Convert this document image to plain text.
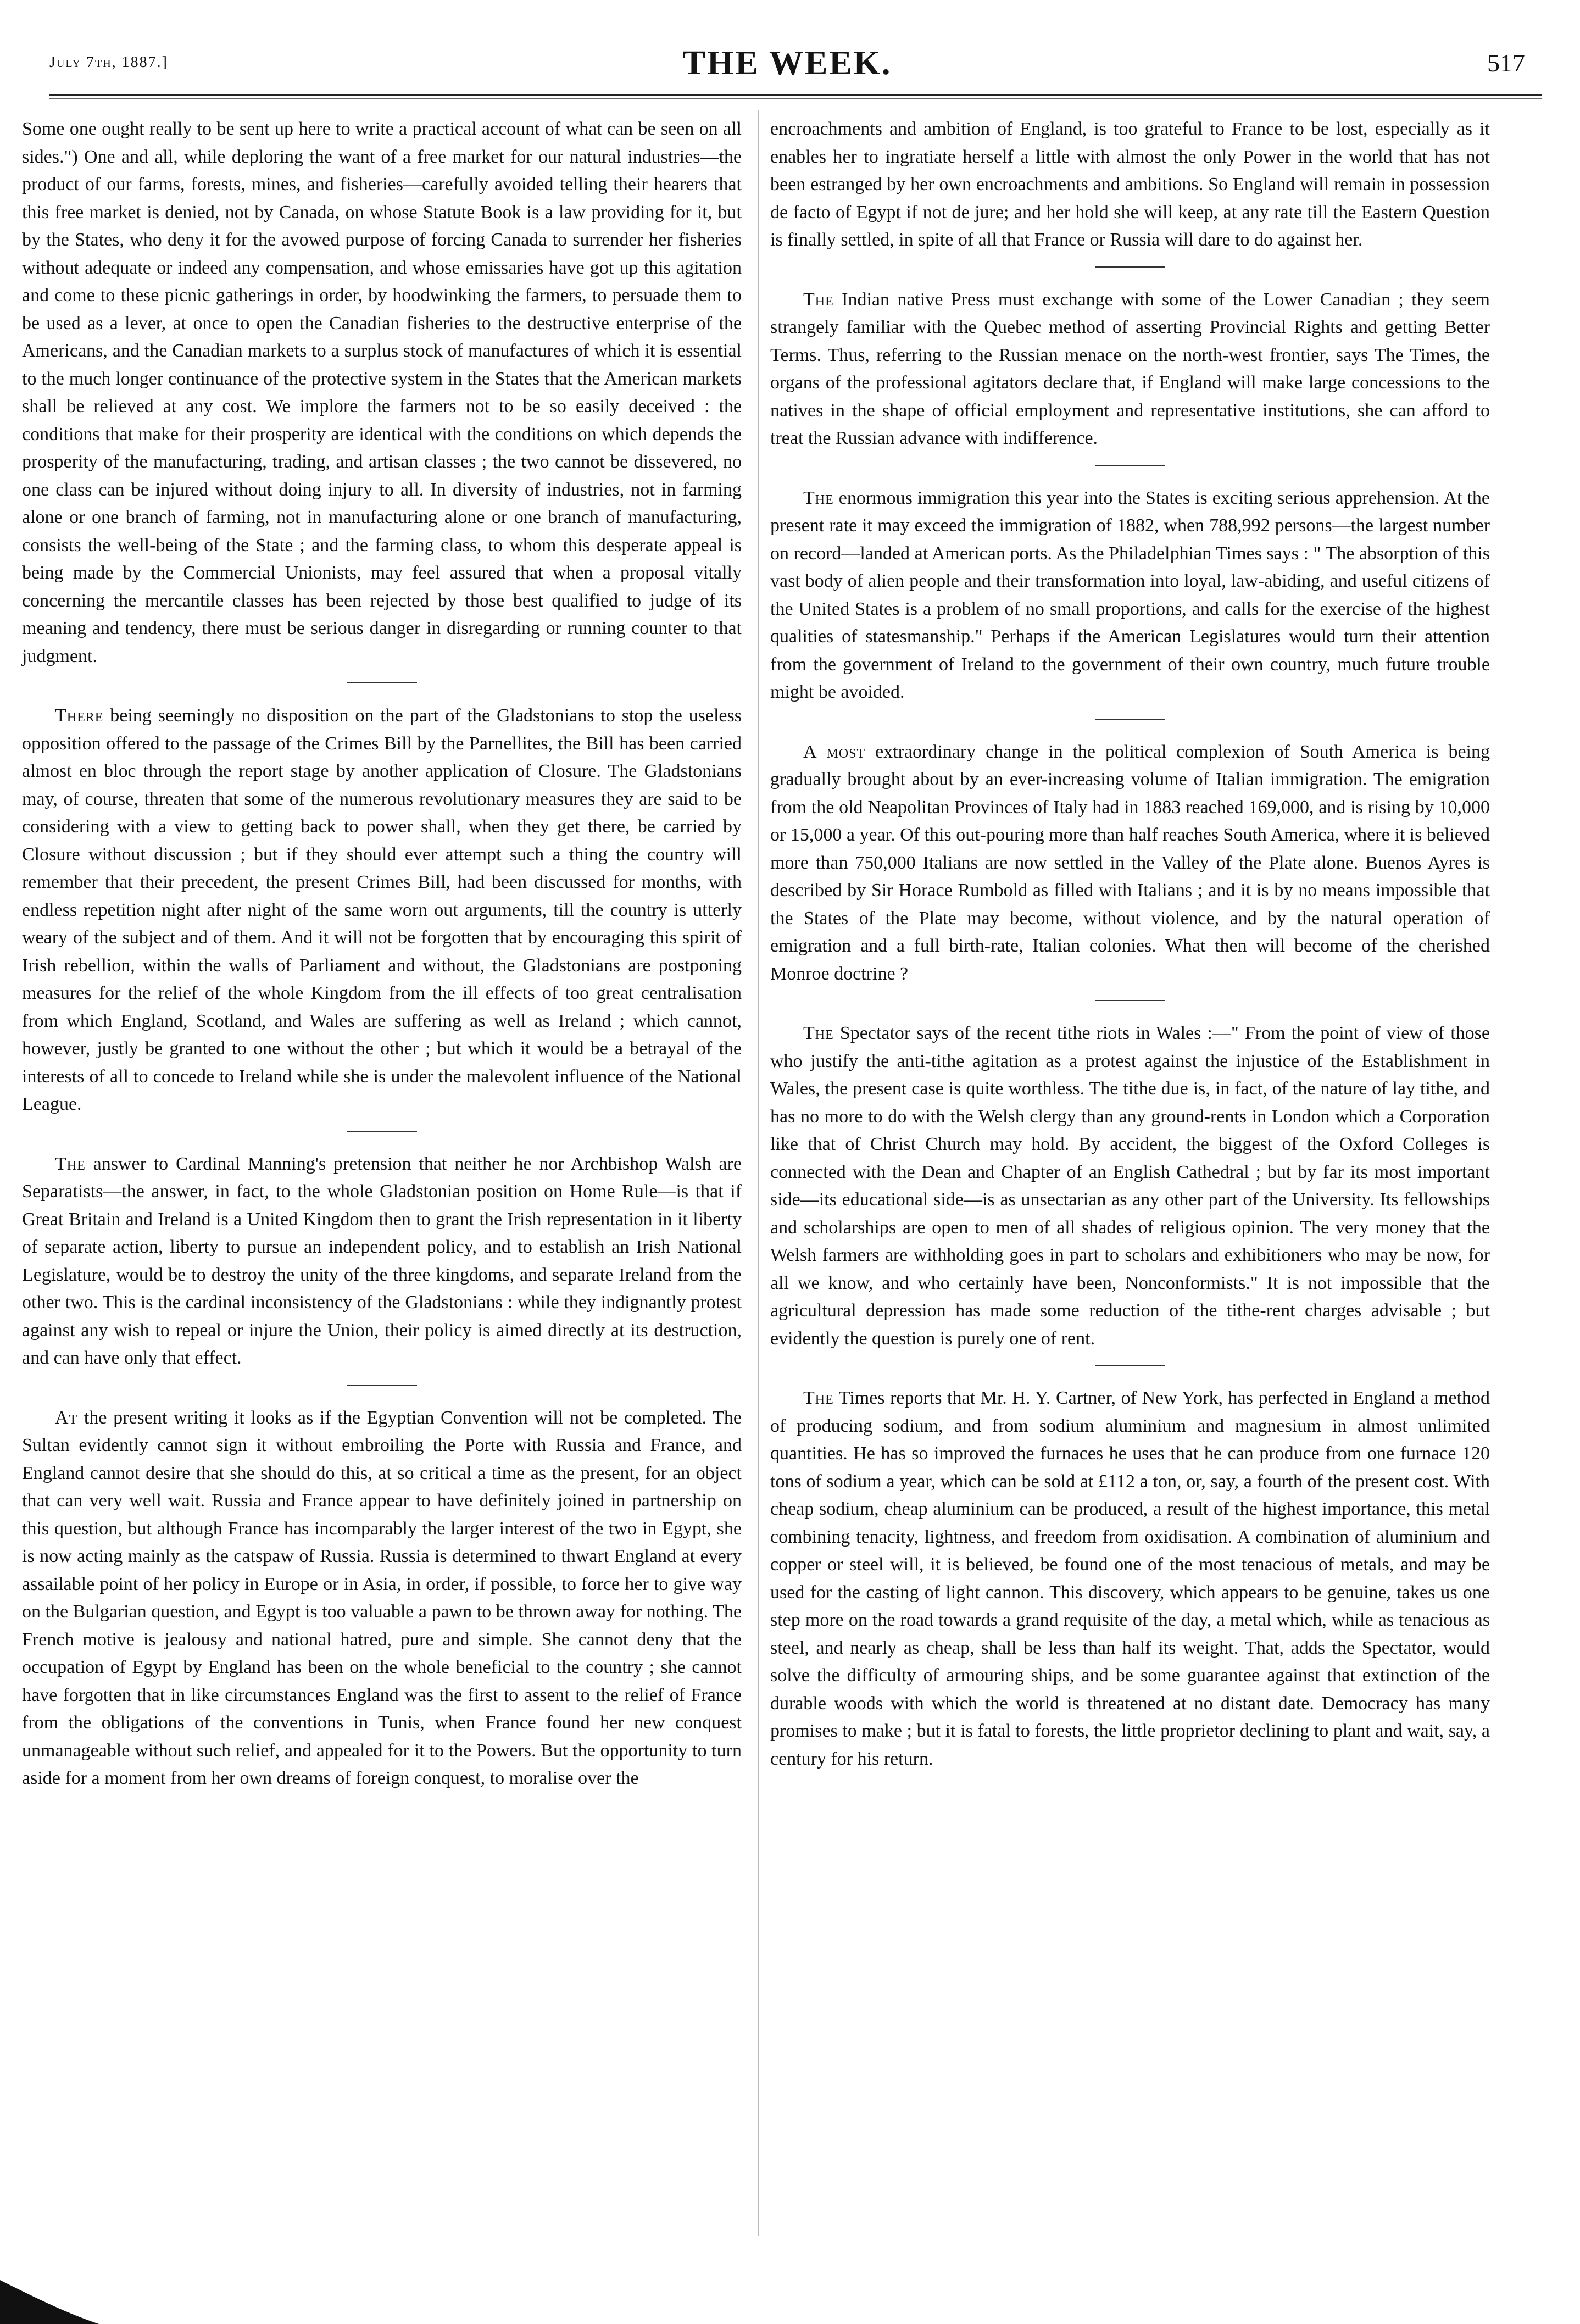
July 7th, 1887.]	THE WEEK.	517

Some one ought really to be sent up here to write a practical account of what can be seen on all sides.") One and all, while deploring the want of a free market for our natural industries—the product of our farms, forests, mines, and fisheries—carefully avoided telling their hearers that this free market is denied, not by Canada, on whose Statute Book is a law providing for it, but by the States, who deny it for the avowed purpose of forcing Canada to surrender her fisheries without adequate or indeed any compensation, and whose emissaries have got up this agitation and come to these picnic gatherings in order, by hoodwinking the farmers, to persuade them to be used as a lever, at once to open the Canadian fisheries to the destructive enterprise of the Americans, and the Canadian markets to a surplus stock of manufactures of which it is essential to the much longer continuance of the protective system in the States that the American markets shall be relieved at any cost. We implore the farmers not to be so easily deceived : the conditions that make for their prosperity are identical with the conditions on which depends the prosperity of the manufacturing, trading, and artisan classes ; the two cannot be dissevered, no one class can be injured without doing injury to all. In diversity of industries, not in farming alone or one branch of farming, not in manufacturing alone or one branch of manufacturing, consists the well-being of the State ; and the farming class, to whom this desperate appeal is being made by the Commercial Unionists, may feel assured that when a proposal vitally concerning the mercantile classes has been rejected by those best qualified to judge of its meaning and tendency, there must be serious danger in disregarding or running counter to that judgment.

There being seemingly no disposition on the part of the Gladstonians to stop the useless opposition offered to the passage of the Crimes Bill by the Parnellites, the Bill has been carried almost en bloc through the report stage by another application of Closure. The Gladstonians may, of course, threaten that some of the numerous revolutionary measures they are said to be considering with a view to getting back to power shall, when they get there, be carried by Closure without discussion ; but if they should ever attempt such a thing the country will remember that their precedent, the present Crimes Bill, had been discussed for months, with endless repetition night after night of the same worn out arguments, till the country is utterly weary of the subject and of them. And it will not be forgotten that by encouraging this spirit of Irish rebellion, within the walls of Parliament and without, the Gladstonians are postponing measures for the relief of the whole Kingdom from the ill effects of too great centralisation from which England, Scotland, and Wales are suffering as well as Ireland ; which cannot, however, justly be granted to one without the other ; but which it would be a betrayal of the interests of all to concede to Ireland while she is under the malevolent influence of the National League.

The answer to Cardinal Manning's pretension that neither he nor Archbishop Walsh are Separatists—the answer, in fact, to the whole Gladstonian position on Home Rule—is that if Great Britain and Ireland is a United Kingdom then to grant the Irish representation in it liberty of separate action, liberty to pursue an independent policy, and to establish an Irish National Legislature, would be to destroy the unity of the three kingdoms, and separate Ireland from the other two. This is the cardinal inconsistency of the Gladstonians : while they indignantly protest against any wish to repeal or injure the Union, their policy is aimed directly at its destruction, and can have only that effect.

At the present writing it looks as if the Egyptian Convention will not be completed. The Sultan evidently cannot sign it without embroiling the Porte with Russia and France, and England cannot desire that she should do this, at so critical a time as the present, for an object that can very well wait. Russia and France appear to have definitely joined in partnership on this question, but although France has incomparably the larger interest of the two in Egypt, she is now acting mainly as the catspaw of Russia. Russia is determined to thwart England at every assailable point of her policy in Europe or in Asia, in order, if possible, to force her to give way on the Bulgarian question, and Egypt is too valuable a pawn to be thrown away for nothing. The French motive is jealousy and national hatred, pure and simple. She cannot deny that the occupation of Egypt by England has been on the whole beneficial to the country ; she cannot have forgotten that in like circumstances England was the first to assent to the relief of France from the obligations of the conventions in Tunis, when France found her new conquest unmanageable without such relief, and appealed for it to the Powers. But the opportunity to turn aside for a moment from her own dreams of foreign conquest, to moralise over the

encroachments and ambition of England, is too grateful to France to be lost, especially as it enables her to ingratiate herself a little with almost the only Power in the world that has not been estranged by her own encroachments and ambitions. So England will remain in possession de facto of Egypt if not de jure; and her hold she will keep, at any rate till the Eastern Question is finally settled, in spite of all that France or Russia will dare to do against her.

The Indian native Press must exchange with some of the Lower Canadian ; they seem strangely familiar with the Quebec method of asserting Provincial Rights and getting Better Terms. Thus, referring to the Russian menace on the north-west frontier, says The Times, the organs of the professional agitators declare that, if England will make large concessions to the natives in the shape of official employment and representative institutions, she can afford to treat the Russian advance with indifference.

The enormous immigration this year into the States is exciting serious apprehension. At the present rate it may exceed the immigration of 1882, when 788,992 persons—the largest number on record—landed at American ports. As the Philadelphian Times says : " The absorption of this vast body of alien people and their transformation into loyal, law-abiding, and useful citizens of the United States is a problem of no small proportions, and calls for the exercise of the highest qualities of statesmanship." Perhaps if the American Legislatures would turn their attention from the government of Ireland to the government of their own country, much future trouble might be avoided.

A most extraordinary change in the political complexion of South America is being gradually brought about by an ever-increasing volume of Italian immigration. The emigration from the old Neapolitan Provinces of Italy had in 1883 reached 169,000, and is rising by 10,000 or 15,000 a year. Of this out-pouring more than half reaches South America, where it is believed more than 750,000 Italians are now settled in the Valley of the Plate alone. Buenos Ayres is described by Sir Horace Rumbold as filled with Italians ; and it is by no means impossible that the States of the Plate may become, without violence, and by the natural operation of emigration and a full birth-rate, Italian colonies. What then will become of the cherished Monroe doctrine ?

The Spectator says of the recent tithe riots in Wales :—" From the point of view of those who justify the anti-tithe agitation as a protest against the injustice of the Establishment in Wales, the present case is quite worthless. The tithe due is, in fact, of the nature of lay tithe, and has no more to do with the Welsh clergy than any ground-rents in London which a Corporation like that of Christ Church may hold. By accident, the biggest of the Oxford Colleges is connected with the Dean and Chapter of an English Cathedral ; but by far its most important side—its educational side—is as unsectarian as any other part of the University. Its fellowships and scholarships are open to men of all shades of religious opinion. The very money that the Welsh farmers are withholding goes in part to scholars and exhibitioners who may be now, for all we know, and who certainly have been, Nonconformists." It is not impossible that the agricultural depression has made some reduction of the tithe-rent charges advisable ; but evidently the question is purely one of rent.

The Times reports that Mr. H. Y. Cartner, of New York, has perfected in England a method of producing sodium, and from sodium aluminium and magnesium in almost unlimited quantities. He has so improved the furnaces he uses that he can produce from one furnace 120 tons of sodium a year, which can be sold at £112 a ton, or, say, a fourth of the present cost. With cheap sodium, cheap aluminium can be produced, a result of the highest importance, this metal combining tenacity, lightness, and freedom from oxidisation. A combination of aluminium and copper or steel will, it is believed, be found one of the most tenacious of metals, and may be used for the casting of light cannon. This discovery, which appears to be genuine, takes us one step more on the road towards a grand requisite of the day, a metal which, while as tenacious as steel, and nearly as cheap, shall be less than half its weight. That, adds the Spectator, would solve the difficulty of armouring ships, and be some guarantee against that extinction of the durable woods with which the world is threatened at no distant date. Democracy has many promises to make ; but it is fatal to forests, the little proprietor declining to plant and wait, say, a century for his return.
